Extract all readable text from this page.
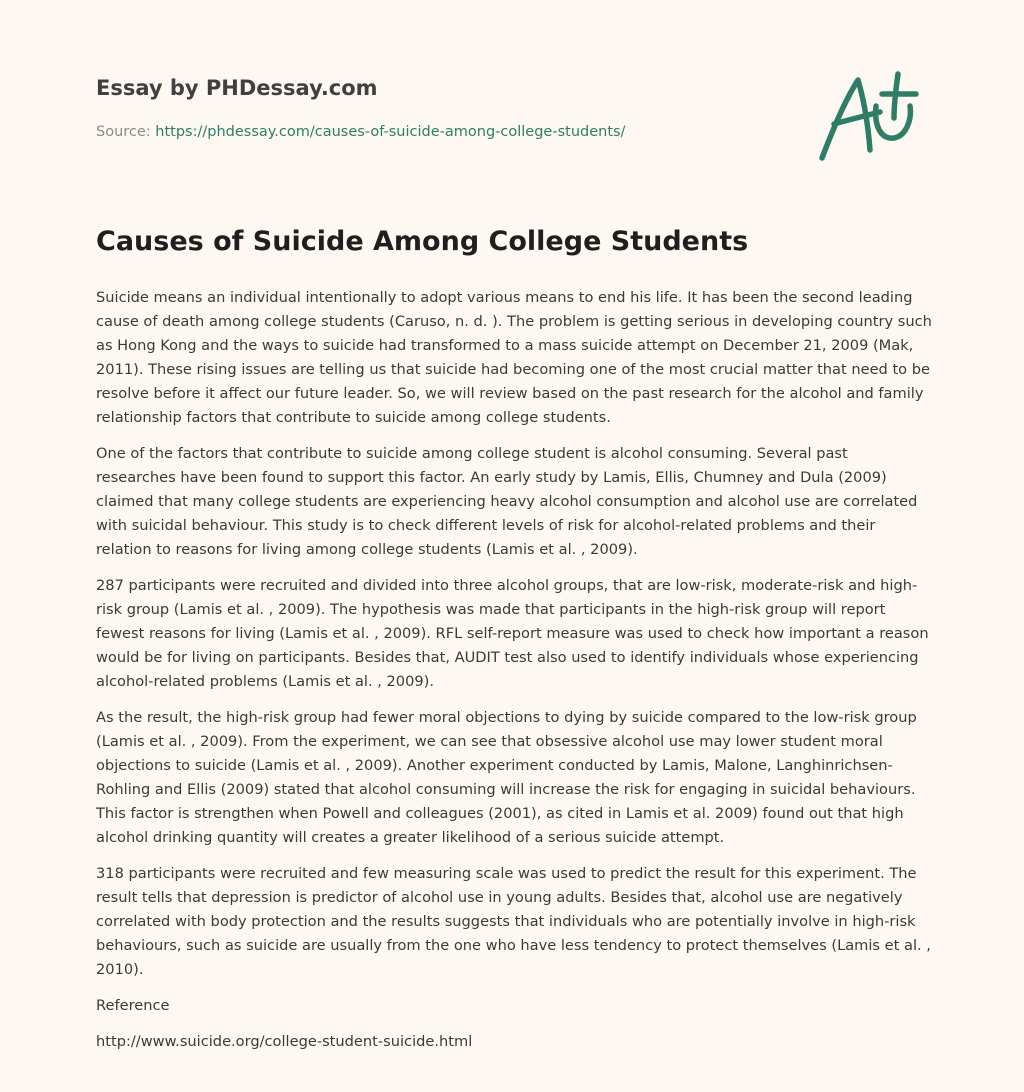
Essay by PHDessay.com

Source: https://phdessay.com/causes-of-suicide-among-college-students/

Causes of Suicide Among College Students

Suicide means an individual intentionally to adopt various means to end his life. It has been the second leading cause of death among college students (Caruso, n. d. ). The problem is getting serious in developing country such as Hong Kong and the ways to suicide had transformed to a mass suicide attempt on December 21, 2009 (Mak, 2011). These rising issues are telling us that suicide had becoming one of the most crucial matter that need to be resolve before it affect our future leader. So, we will review based on the past research for the alcohol and family relationship factors that contribute to suicide among college students.

One of the factors that contribute to suicide among college student is alcohol consuming. Several past researches have been found to support this factor. An early study by Lamis, Ellis, Chumney and Dula (2009) claimed that many college students are experiencing heavy alcohol consumption and alcohol use are correlated with suicidal behaviour. This study is to check different levels of risk for alcohol-related problems and their relation to reasons for living among college students (Lamis et al. , 2009).

287 participants were recruited and divided into three alcohol groups, that are low-risk, moderate-risk and high-risk group (Lamis et al. , 2009). The hypothesis was made that participants in the high-risk group will report fewest reasons for living (Lamis et al. , 2009). RFL self-report measure was used to check how important a reason would be for living on participants. Besides that, AUDIT test also used to identify individuals whose experiencing alcohol-related problems (Lamis et al. , 2009).

As the result, the high-risk group had fewer moral objections to dying by suicide compared to the low-risk group (Lamis et al. , 2009). From the experiment, we can see that obsessive alcohol use may lower student moral objections to suicide (Lamis et al. , 2009). Another experiment conducted by Lamis, Malone, Langhinrichsen-Rohling and Ellis (2009) stated that alcohol consuming will increase the risk for engaging in suicidal behaviours. This factor is strengthen when Powell and colleagues (2001), as cited in Lamis et al. 2009) found out that high alcohol drinking quantity will creates a greater likelihood of a serious suicide attempt.

318 participants were recruited and few measuring scale was used to predict the result for this experiment. The result tells that depression is predictor of alcohol use in young adults. Besides that, alcohol use are negatively correlated with body protection and the results suggests that individuals who are potentially involve in high-risk behaviours, such as suicide are usually from the one who have less tendency to protect themselves (Lamis et al. , 2010).

Reference

http://www.suicide.org/college-student-suicide.html
